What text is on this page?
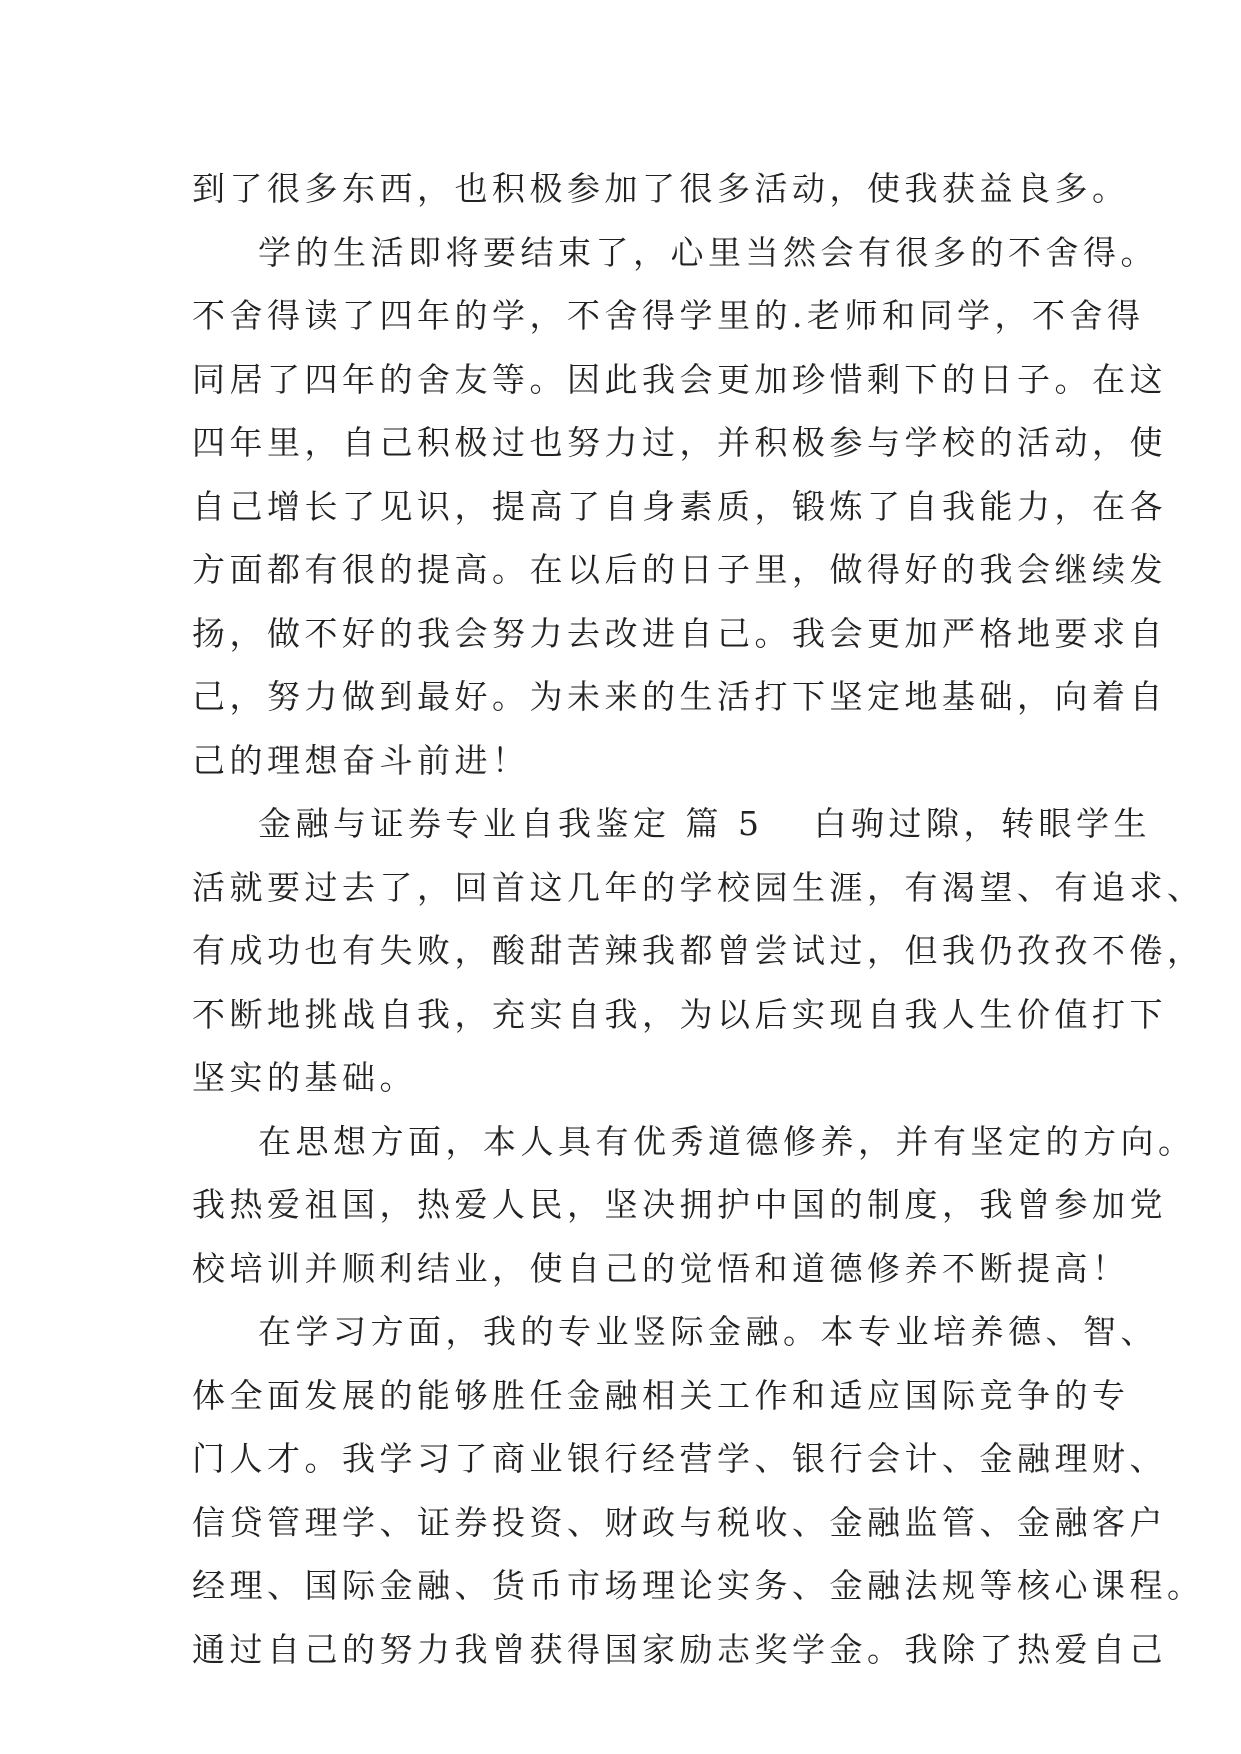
到了很多东西，也积极参加了很多活动，使我获益良多。
学的生活即将要结束了，心里当然会有很多的不舍得。
不舍得读了四年的学，不舍得学里的.老师和同学，不舍得
同居了四年的舍友等。因此我会更加珍惜剩下的日子。在这
四年里，自己积极过也努力过，并积极参与学校的活动，使
自己增长了见识，提高了自身素质，锻炼了自我能力，在各
方面都有很的提高。在以后的日子里，做得好的我会继续发
扬，做不好的我会努力去改进自己。我会更加严格地要求自
己，努力做到最好。为未来的生活打下坚定地基础，向着自
己的理想奋斗前进！
金融与证券专业自我鉴定 篇 5 白驹过隙，转眼学生
活就要过去了，回首这几年的学校园生涯，有渴望、有追求、
有成功也有失败，酸甜苦辣我都曾尝试过，但我仍孜孜不倦，
不断地挑战自我，充实自我，为以后实现自我人生价值打下
坚实的基础。
在思想方面，本人具有优秀道德修养，并有坚定的方向。
我热爱祖国，热爱人民，坚决拥护中国的制度，我曾参加党
校培训并顺利结业，使自己的觉悟和道德修养不断提高！
在学习方面，我的专业竖际金融。本专业培养德、智、
体全面发展的能够胜任金融相关工作和适应国际竞争的专
门人才。我学习了商业银行经营学、银行会计、金融理财、
信贷管理学、证券投资、财政与税收、金融监管、金融客户
经理、国际金融、货币市场理论实务、金融法规等核心课程。
通过自己的努力我曾获得国家励志奖学金。我除了热爱自己
